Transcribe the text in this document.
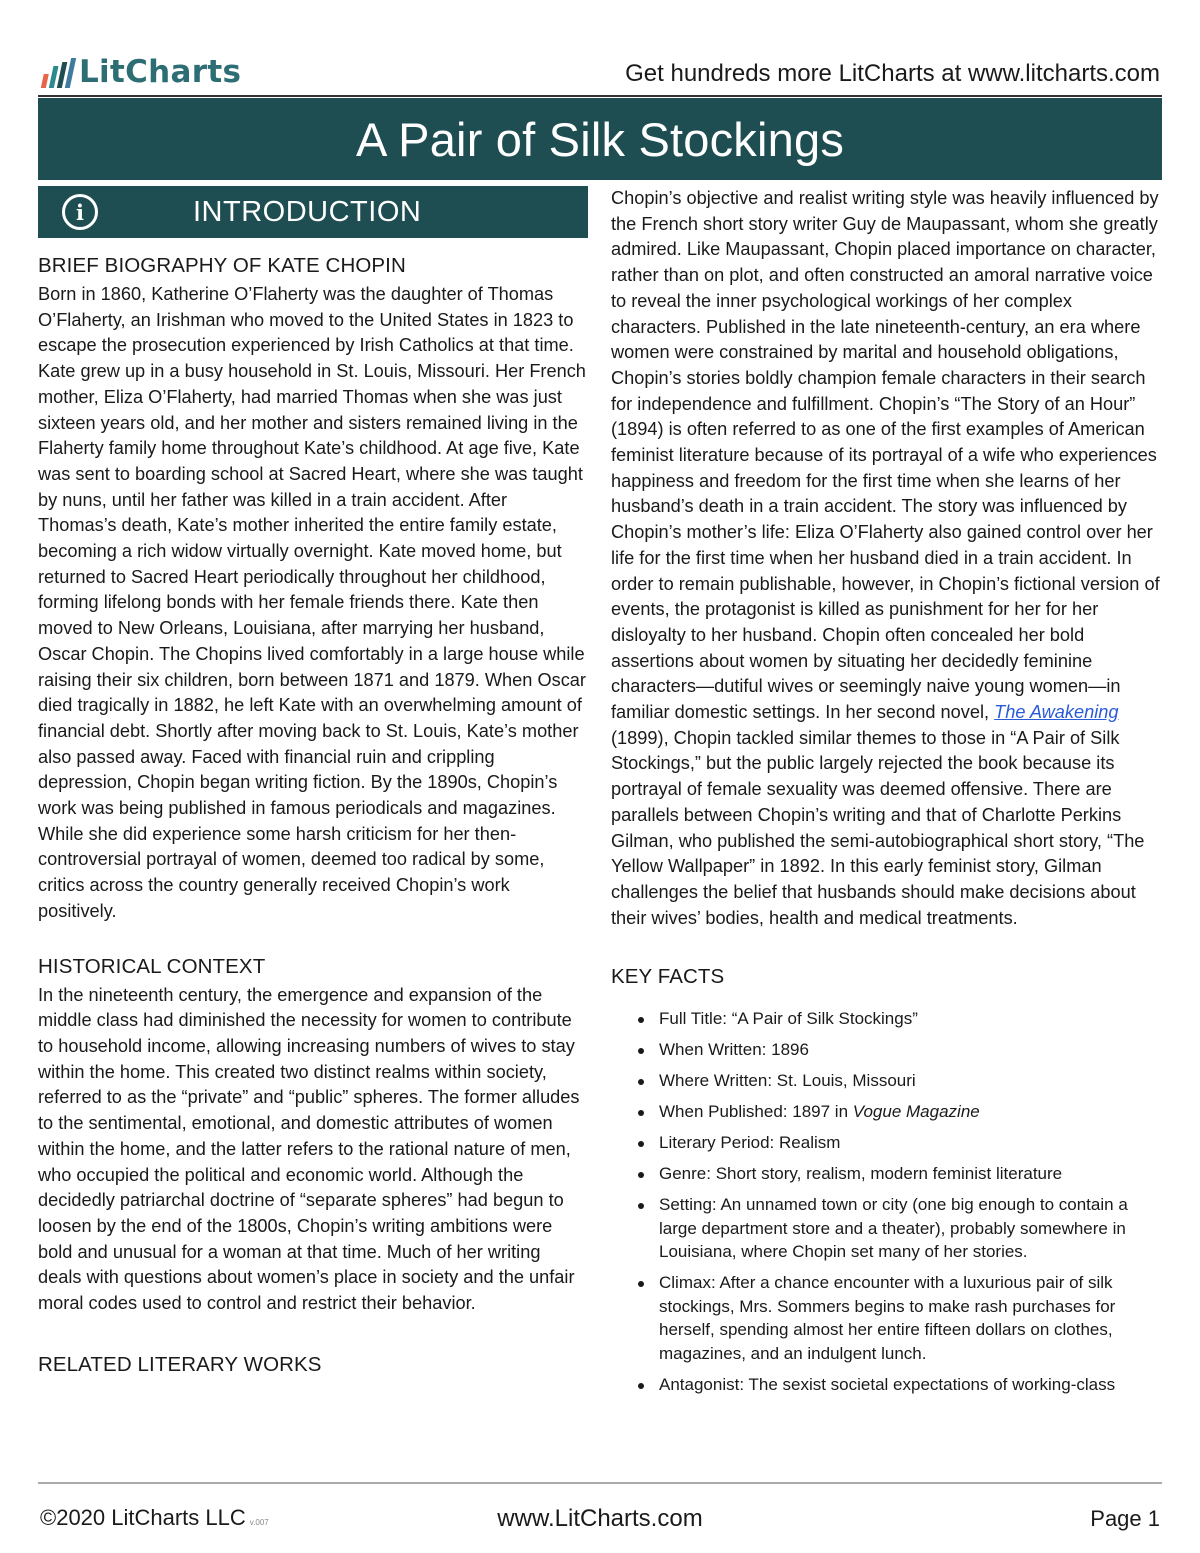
LitCharts	Get hundreds more LitCharts at www.litcharts.com
A Pair of Silk Stockings
i	INTRODUCTION
BRIEF BIOGRAPHY OF KATE CHOPIN

Born in 1860, Katherine O’Flaherty was the daughter of Thomas O’Flaherty, an Irishman who moved to the United States in 1823 to escape the prosecution experienced by Irish Catholics at that time. Kate grew up in a busy household in St. Louis, Missouri. Her French mother, Eliza O’Flaherty, had married Thomas when she was just sixteen years old, and her mother and sisters remained living in the Flaherty family home throughout Kate’s childhood. At age five, Kate was sent to boarding school at Sacred Heart, where she was taught by nuns, until her father was killed in a train accident. After Thomas’s death, Kate’s mother inherited the entire family estate, becoming a rich widow virtually overnight. Kate moved home, but returned to Sacred Heart periodically throughout her childhood, forming lifelong bonds with her female friends there. Kate then moved to New Orleans, Louisiana, after marrying her husband, Oscar Chopin. The Chopins lived comfortably in a large house while raising their six children, born between 1871 and 1879. When Oscar died tragically in 1882, he left Kate with an overwhelming amount of financial debt. Shortly after moving back to St. Louis, Kate’s mother also passed away. Faced with financial ruin and crippling depression, Chopin began writing fiction. By the 1890s, Chopin’s work was being published in famous periodicals and magazines. While she did experience some harsh criticism for her then-controversial portrayal of women, deemed too radical by some, critics across the country generally received Chopin’s work positively.

HISTORICAL CONTEXT

In the nineteenth century, the emergence and expansion of the middle class had diminished the necessity for women to contribute to household income, allowing increasing numbers of wives to stay within the home. This created two distinct realms within society, referred to as the “private” and “public” spheres. The former alludes to the sentimental, emotional, and domestic attributes of women within the home, and the latter refers to the rational nature of men, who occupied the political and economic world. Although the decidedly patriarchal doctrine of “separate spheres” had begun to loosen by the end of the 1800s, Chopin’s writing ambitions were bold and unusual for a woman at that time. Much of her writing deals with questions about women’s place in society and the unfair moral codes used to control and restrict their behavior.

RELATED LITERARY WORKS

Chopin’s objective and realist writing style was heavily influenced by the French short story writer Guy de Maupassant, whom she greatly admired. Like Maupassant, Chopin placed importance on character, rather than on plot, and often constructed an amoral narrative voice to reveal the inner psychological workings of her complex characters. Published in the late nineteenth-century, an era where women were constrained by marital and household obligations, Chopin’s stories boldly champion female characters in their search for independence and fulfillment. Chopin’s “The Story of an Hour” (1894) is often referred to as one of the first examples of American feminist literature because of its portrayal of a wife who experiences happiness and freedom for the first time when she learns of her husband’s death in a train accident. The story was influenced by Chopin’s mother’s life: Eliza O’Flaherty also gained control over her life for the first time when her husband died in a train accident. In order to remain publishable, however, in Chopin’s fictional version of events, the protagonist is killed as punishment for her for her disloyalty to her husband. Chopin often concealed her bold assertions about women by situating her decidedly feminine characters—dutiful wives or seemingly naive young women—in familiar domestic settings. In her second novel, The Awakening (1899), Chopin tackled similar themes to those in “A Pair of Silk Stockings,” but the public largely rejected the book because its portrayal of female sexuality was deemed offensive. There are parallels between Chopin’s writing and that of Charlotte Perkins Gilman, who published the semi-autobiographical short story, “The Yellow Wallpaper” in 1892. In this early feminist story, Gilman challenges the belief that husbands should make decisions about their wives’ bodies, health and medical treatments.

KEY FACTS
Full Title: “A Pair of Silk Stockings”
When Written: 1896
Where Written: St. Louis, Missouri
When Published: 1897 in Vogue Magazine
Literary Period: Realism
Genre: Short story, realism, modern feminist literature
Setting: An unnamed town or city (one big enough to contain a large department store and a theater), probably somewhere in Louisiana, where Chopin set many of her stories.
Climax: After a chance encounter with a luxurious pair of silk stockings, Mrs. Sommers begins to make rash purchases for herself, spending almost her entire fifteen dollars on clothes, magazines, and an indulgent lunch.
Antagonist: The sexist societal expectations of working-class
©2020 LitCharts LLC v.007	www.LitCharts.com	Page 1
